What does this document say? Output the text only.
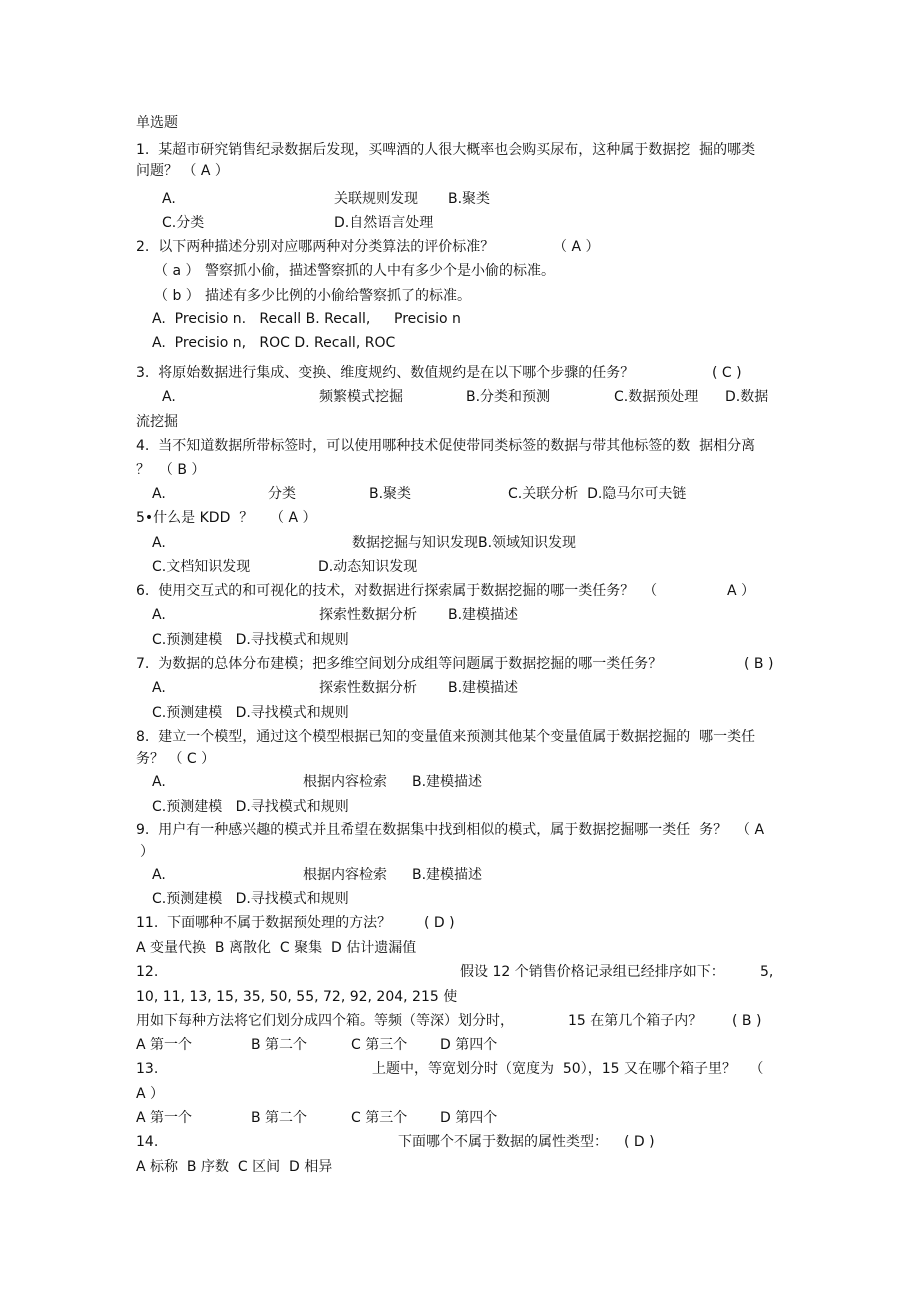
单选题
1.  某超市研究销售纪录数据后发现，买啤酒的人很大概率也会购买尿布，这种属于数据挖  掘的哪类
问题？ （ A ）
A.	关联规则发现 B.聚类
C.分类	D.自然语言处理
2.  以下两种描述分别对应哪两种对分类算法的评价标准？	（ A ）
（ a ） 警察抓小偷，描述警察抓的人中有多少个是小偷的标准。
（ b ） 描述有多少比例的小偷给警察抓了的标准。
A.  Precisio n.   Recall B. Recall, Precisio n
A.  Precisio n,   ROC D. Recall, ROC
3.  将原始数据进行集成、变换、维度规约、数值规约是在以下哪个步骤的任务？	( C )
A.	频繁模式挖掘	B.分类和预测	C.数据预处理 D.数据
流挖掘
4.  当不知道数据所带标签时，可以使用哪种技术促使带同类标签的数据与带其他标签的数  据相分离
？  （ B ）
A.	分类	B.聚类	C.关联分析  D.隐马尔可夫链
5•什么是 KDD  ？ （ A ）
A.	数据挖掘与知识发现B.领域知识发现
C.文档知识发现	D.动态知识发现
6.  使用交互式的和可视化的技术，对数据进行探索属于数据挖掘的哪一类任务？  （	A ）
A.	探索性数据分析 B.建模描述
C.预测建模   D.寻找模式和规则
7.  为数据的总体分布建模；把多维空间划分成组等问题属于数据挖掘的哪一类任务？	( B )
A.	探索性数据分析 B.建模描述
C.预测建模   D.寻找模式和规则
8.  建立一个模型，通过这个模型根据已知的变量值来预测其他某个变量值属于数据挖掘的  哪一类任
务？ （ C ）
A.	根据内容检索 B.建模描述
C.预测建模   D.寻找模式和规则
9.  用户有一种感兴趣的模式并且希望在数据集中找到相似的模式，属于数据挖掘哪一类任  务？  （ A
）
A.	根据内容检索 B.建模描述
C.预测建模   D.寻找模式和规则
11.  下面哪种不属于数据预处理的方法？ ( D )
A 变量代换  B 离散化  C 聚集  D 估计遗漏值
12.	假设 12 个销售价格记录组已经排序如下：	5,
10, 11, 13, 15, 35, 50, 55, 72, 92, 204, 215 使
用如下每种方法将它们划分成四个箱。等频（等深）划分时，	15 在第几个箱子内？ ( B )
A 第一个	B 第二个	C 第三个 D 第四个
13.	上题中，等宽划分时（宽度为  50），15 又在哪个箱子里？   （
A ）
A 第一个	B 第二个	C 第三个 D 第四个
14.	下面哪个不属于数据的属性类型： ( D )
A 标称  B 序数  C 区间  D 相异
